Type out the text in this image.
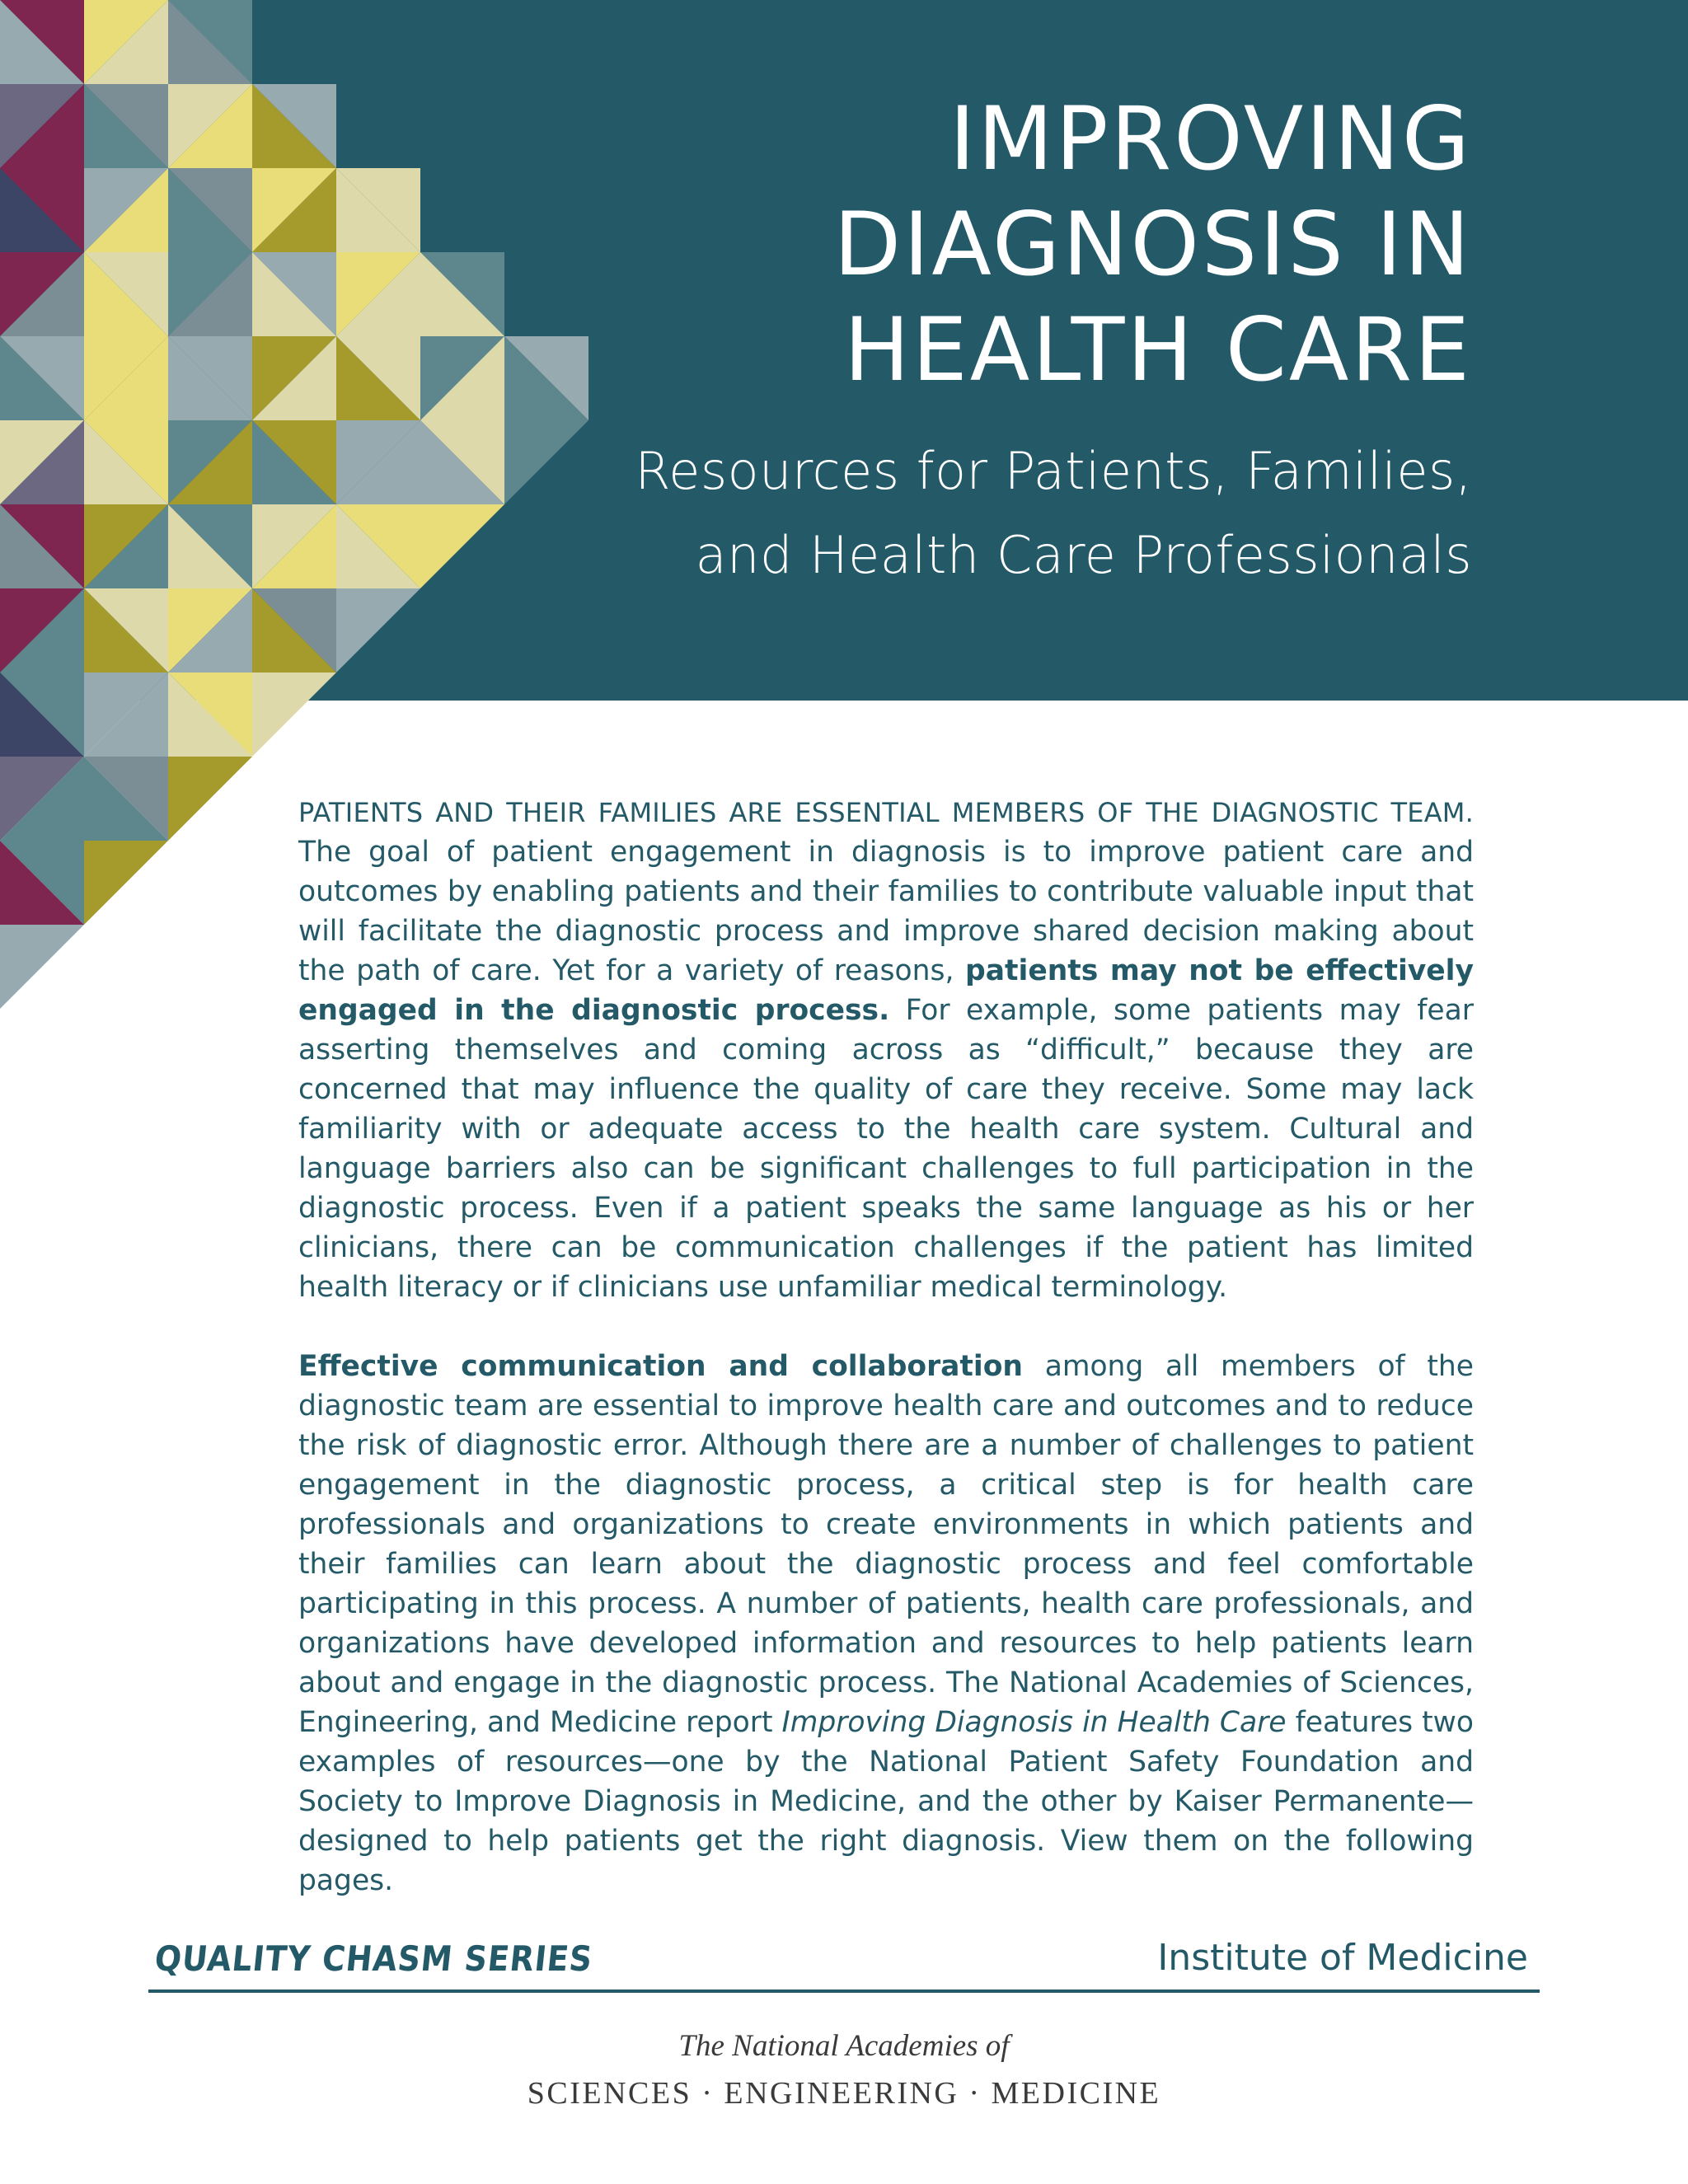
IMPROVING
DIAGNOSIS IN
HEALTH CARE
Resources for Patients, Families,
and Health Care Professionals

PATIENTS AND THEIR FAMILIES ARE ESSENTIAL MEMBERS OF THE DIAGNOSTIC TEAM. The goal of patient engagement in diagnosis is to improve patient care and outcomes by enabling patients and their families to contribute valuable input that will facilitate the diagnostic process and improve shared decision making about the path of care. Yet for a variety of reasons, patients may not be effectively engaged in the diagnostic process. For example, some patients may fear asserting themselves and coming across as “difficult,” because they are concerned that may influence the quality of care they receive. Some may lack familiarity with or adequate access to the health care system. Cultural and language barriers also can be significant challenges to full participation in the diagnostic process. Even if a patient speaks the same language as his or her clinicians, there can be communication challenges if the patient has limited health literacy or if clinicians use unfamiliar medical terminology.

Effective communication and collaboration among all members of the diagnostic team are essential to improve health care and outcomes and to reduce the risk of diagnostic error. Although there are a number of challenges to patient engagement in the diagnostic process, a critical step is for health care professionals and organizations to create environments in which patients and their families can learn about the diagnostic process and feel comfortable participating in this process. A number of patients, health care professionals, and organizations have developed information and resources to help patients learn about and engage in the diagnostic process. The National Academies of Sciences, Engineering, and Medicine report Improving Diagnosis in Health Care features two examples of resources—one by the National Patient Safety Foundation and Society to Improve Diagnosis in Medicine, and the other by Kaiser Permanente—designed to help patients get the right diagnosis. View them on the following pages.

QUALITY CHASM SERIES	Institute of Medicine
The National Academies of
SCIENCES · ENGINEERING · MEDICINE
